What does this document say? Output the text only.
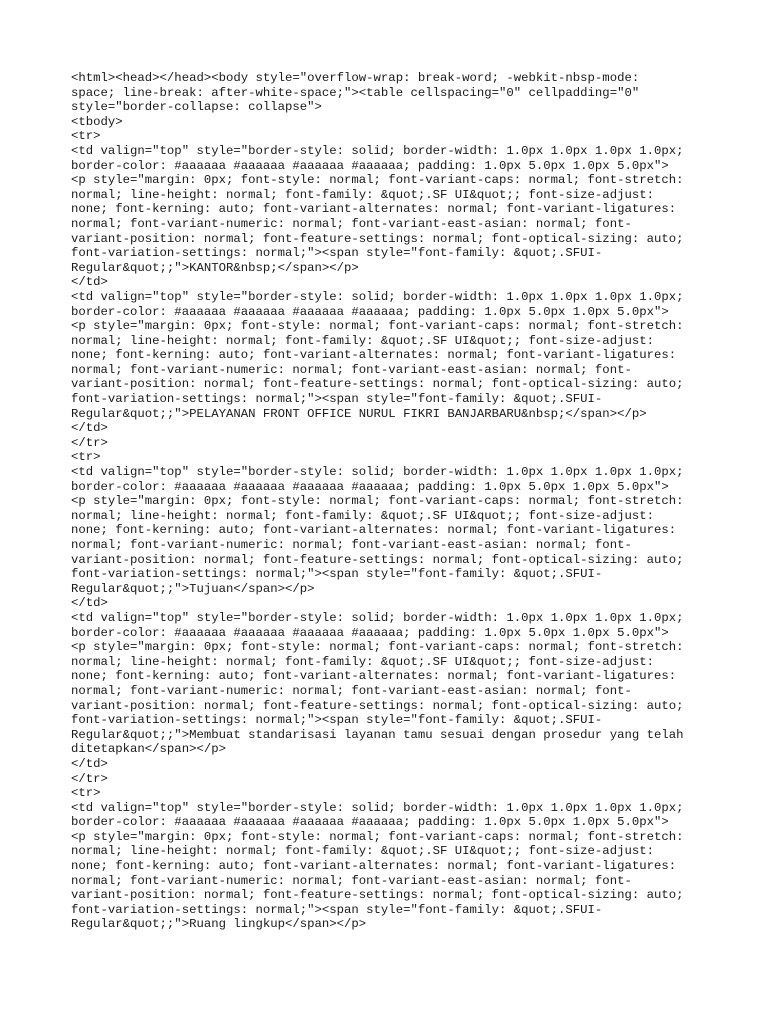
<html><head></head><body style="overflow-wrap: break-word; -webkit-nbsp-mode:
space; line-break: after-white-space;"><table cellspacing="0" cellpadding="0"
style="border-collapse: collapse">
<tbody>
<tr>
<td valign="top" style="border-style: solid; border-width: 1.0px 1.0px 1.0px 1.0px;
border-color: #aaaaaa #aaaaaa #aaaaaa #aaaaaa; padding: 1.0px 5.0px 1.0px 5.0px">
<p style="margin: 0px; font-style: normal; font-variant-caps: normal; font-stretch:
normal; line-height: normal; font-family: &quot;.SF UI&quot;; font-size-adjust:
none; font-kerning: auto; font-variant-alternates: normal; font-variant-ligatures:
normal; font-variant-numeric: normal; font-variant-east-asian: normal; font-
variant-position: normal; font-feature-settings: normal; font-optical-sizing: auto;
font-variation-settings: normal;"><span style="font-family: &quot;.SFUI-
Regular&quot;;">KANTOR&nbsp;</span></p>
</td>
<td valign="top" style="border-style: solid; border-width: 1.0px 1.0px 1.0px 1.0px;
border-color: #aaaaaa #aaaaaa #aaaaaa #aaaaaa; padding: 1.0px 5.0px 1.0px 5.0px">
<p style="margin: 0px; font-style: normal; font-variant-caps: normal; font-stretch:
normal; line-height: normal; font-family: &quot;.SF UI&quot;; font-size-adjust:
none; font-kerning: auto; font-variant-alternates: normal; font-variant-ligatures:
normal; font-variant-numeric: normal; font-variant-east-asian: normal; font-
variant-position: normal; font-feature-settings: normal; font-optical-sizing: auto;
font-variation-settings: normal;"><span style="font-family: &quot;.SFUI-
Regular&quot;;">PELAYANAN FRONT OFFICE NURUL FIKRI BANJARBARU&nbsp;</span></p>
</td>
</tr>
<tr>
<td valign="top" style="border-style: solid; border-width: 1.0px 1.0px 1.0px 1.0px;
border-color: #aaaaaa #aaaaaa #aaaaaa #aaaaaa; padding: 1.0px 5.0px 1.0px 5.0px">
<p style="margin: 0px; font-style: normal; font-variant-caps: normal; font-stretch:
normal; line-height: normal; font-family: &quot;.SF UI&quot;; font-size-adjust:
none; font-kerning: auto; font-variant-alternates: normal; font-variant-ligatures:
normal; font-variant-numeric: normal; font-variant-east-asian: normal; font-
variant-position: normal; font-feature-settings: normal; font-optical-sizing: auto;
font-variation-settings: normal;"><span style="font-family: &quot;.SFUI-
Regular&quot;;">Tujuan</span></p>
</td>
<td valign="top" style="border-style: solid; border-width: 1.0px 1.0px 1.0px 1.0px;
border-color: #aaaaaa #aaaaaa #aaaaaa #aaaaaa; padding: 1.0px 5.0px 1.0px 5.0px">
<p style="margin: 0px; font-style: normal; font-variant-caps: normal; font-stretch:
normal; line-height: normal; font-family: &quot;.SF UI&quot;; font-size-adjust:
none; font-kerning: auto; font-variant-alternates: normal; font-variant-ligatures:
normal; font-variant-numeric: normal; font-variant-east-asian: normal; font-
variant-position: normal; font-feature-settings: normal; font-optical-sizing: auto;
font-variation-settings: normal;"><span style="font-family: &quot;.SFUI-
Regular&quot;;">Membuat standarisasi layanan tamu sesuai dengan prosedur yang telah
ditetapkan</span></p>
</td>
</tr>
<tr>
<td valign="top" style="border-style: solid; border-width: 1.0px 1.0px 1.0px 1.0px;
border-color: #aaaaaa #aaaaaa #aaaaaa #aaaaaa; padding: 1.0px 5.0px 1.0px 5.0px">
<p style="margin: 0px; font-style: normal; font-variant-caps: normal; font-stretch:
normal; line-height: normal; font-family: &quot;.SF UI&quot;; font-size-adjust:
none; font-kerning: auto; font-variant-alternates: normal; font-variant-ligatures:
normal; font-variant-numeric: normal; font-variant-east-asian: normal; font-
variant-position: normal; font-feature-settings: normal; font-optical-sizing: auto;
font-variation-settings: normal;"><span style="font-family: &quot;.SFUI-
Regular&quot;;">Ruang lingkup</span></p>
